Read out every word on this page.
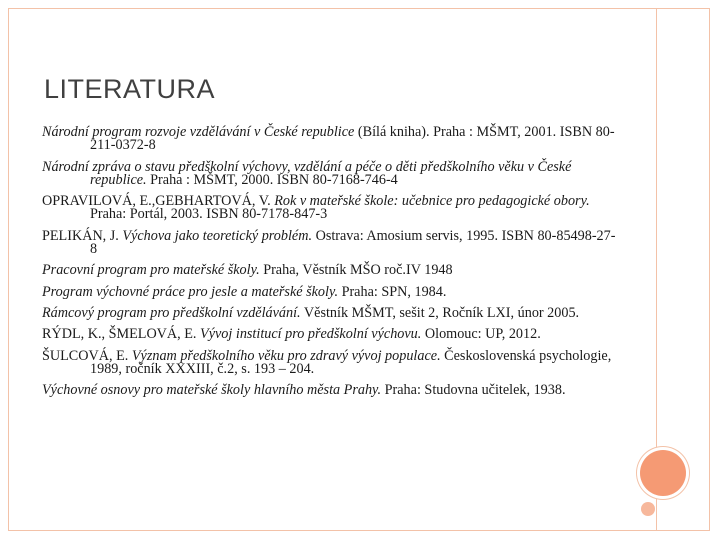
LITERATURA
Národní program rozvoje vzdělávání v České republice (Bílá kniha). Praha : MŠMT, 2001. ISBN 80-211-0372-8
Národní zpráva o stavu předškolní výchovy, vzdělání a péče o děti předškolního věku v České republice. Praha : MŠMT, 2000. ISBN 80-7168-746-4
OPRAVILOVÁ, E.,GEBHARTOVÁ, V. Rok v mateřské škole: učebnice pro pedagogické obory. Praha: Portál, 2003. ISBN 80-7178-847-3
PELIKÁN, J. Výchova jako teoretický problém. Ostrava: Amosium servis, 1995. ISBN 80-85498-27-8
Pracovní program pro mateřské školy. Praha, Věstník MŠO roč.IV 1948
Program výchovné práce pro jesle a mateřské školy. Praha: SPN, 1984.
Rámcový program pro předškolní vzdělávání. Věstník MŠMT, sešit 2, Ročník LXI, únor 2005.
RÝDL, K., ŠMELOVÁ, E. Vývoj institucí pro předškolní výchovu. Olomouc: UP, 2012.
ŠULCOVÁ, E. Význam předškolního věku pro zdravý vývoj populace. Československá psychologie, 1989, ročník XXXIII, č.2, s. 193 – 204.
Výchovné osnovy pro mateřské školy hlavního města Prahy. Praha: Studovna učitelek, 1938.
